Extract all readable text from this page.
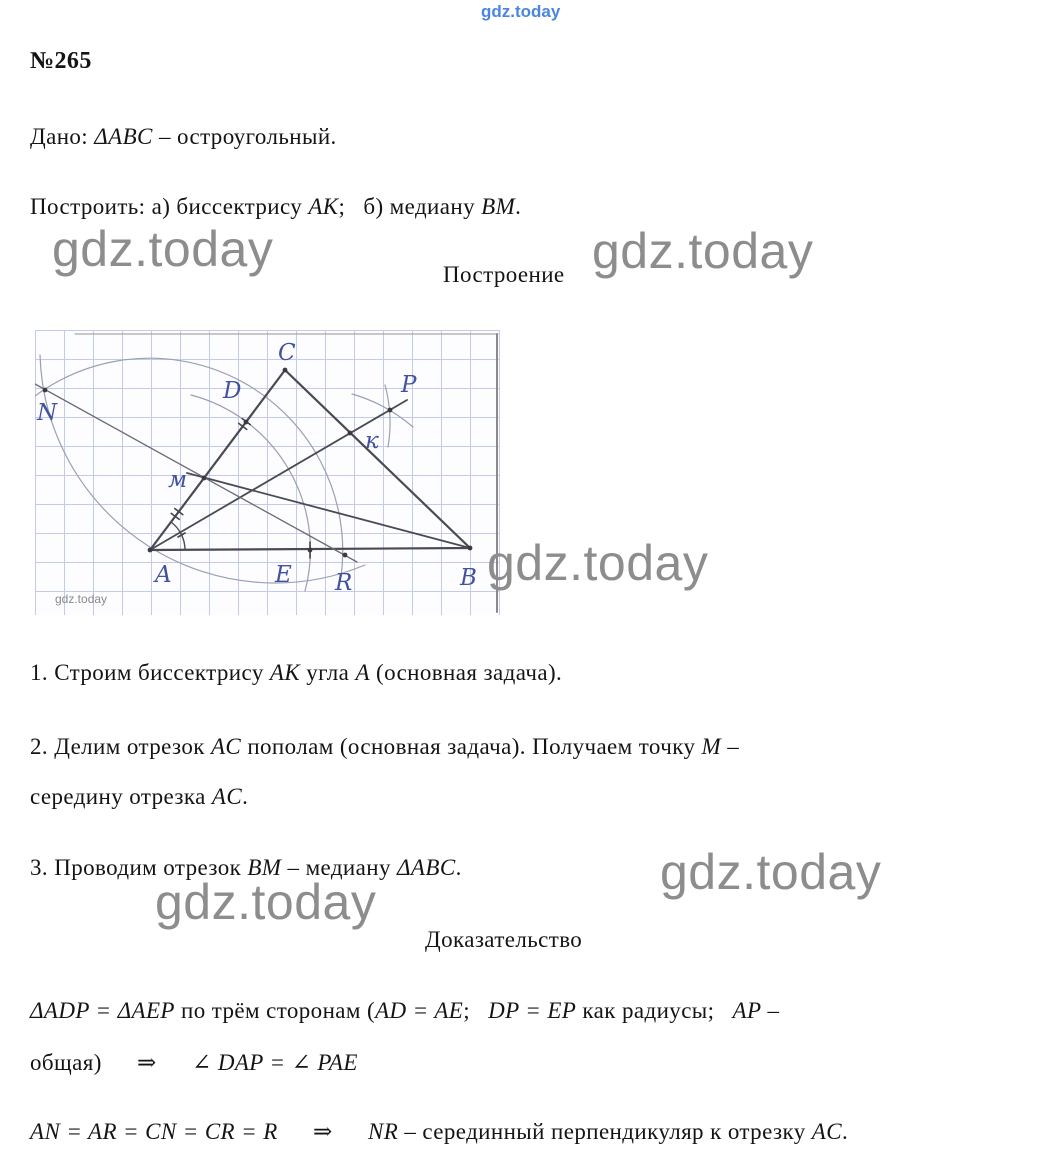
gdz.today
gdz.today	gdz.today
gdz.today
gdz.today
gdz.today
№265
Дано: ΔABC – остроугольный.
Построить: а) биссектрису AK;  б) медиану BM.
Построение
A	В
C
D
E
к
м
N
P
R
gdz.today
1. Строим биссектрису AK угла A (основная задача).
2. Делим отрезок AC пополам (основная задача). Получаем точку M –
середину отрезка AC.
3. Проводим отрезок BM – медиану ΔABC.
Доказательство
ΔADP = ΔAEP по трём сторонам (AD = AE;  DP = EP как радиусы;  AP –
общая)  ⇒  ∠ DAP = ∠ PAE
AN = AR = CN = CR = R  ⇒  NR – серединный перпендикуляр к отрезку AC.
